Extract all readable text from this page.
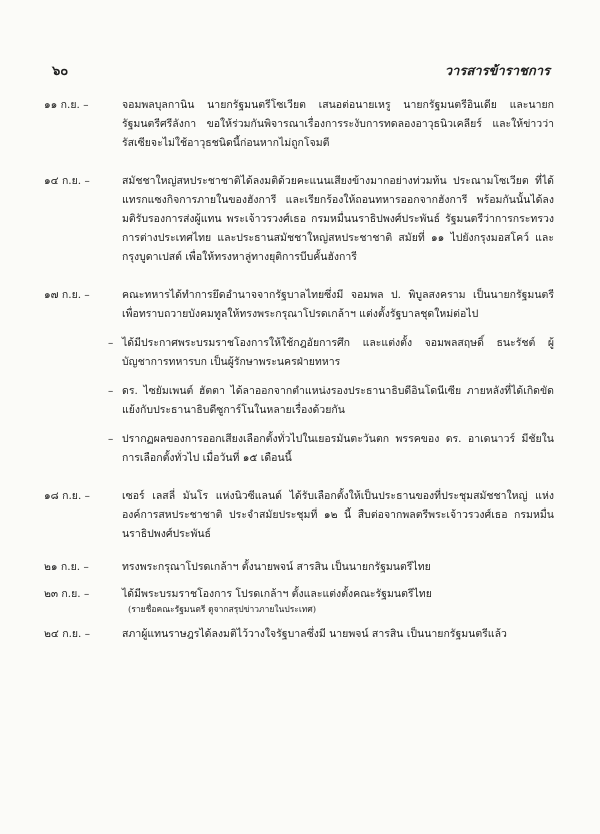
๖๐	วารสารข้าราชการ
๑๑ ก.ย. –	จอมพลบุลกานิน นายกรัฐมนตรีโซเวียต เสนอต่อนายเหรู นายกรัฐมนตรีอินเดีย และนายกรัฐมนตรีศรีลังกา ขอให้ร่วมกันพิจารณาเรื่องการระงับการทดลองอาวุธนิวเคลียร์ และให้ข่าวว่ารัสเซียจะไม่ใช้อาวุธชนิดนี้ก่อนหากไม่ถูกโจมตี
๑๔ ก.ย. –	สมัชชาใหญ่สหประชาชาติได้ลงมติด้วยคะแนนเสียงข้างมากอย่างท่วมท้น ประณามโซเวียต ที่ได้แทรกแซงกิจการภายในของฮังการี และเรียกร้องให้ถอนทหารออกจากฮังการี พร้อมกันนั้นได้ลงมติรับรองการส่งผู้แทน พระเจ้าวรวงศ์เธอ กรมหมื่นนราธิปพงศ์ประพันธ์ รัฐมนตรีว่าการกระทรวงการต่างประเทศไทย และประธานสมัชชาใหญ่สหประชาชาติ สมัยที่ ๑๑ ไปยังกรุงมอสโคว์ และกรุงบูดาเปสต์ เพื่อให้ทรงหาลู่ทางยุติการบีบคั้นฮังการี
๑๗ ก.ย. –	คณะทหารได้ทำการยึดอำนาจจากรัฐบาลไทยซึ่งมี จอมพล ป. พิบูลสงคราม เป็นนายกรัฐมนตรี เพื่อทราบถวายบังคมทูลให้ทรงพระกรุณาโปรดเกล้าฯ แต่งตั้งรัฐบาลชุดใหม่ต่อไป
– ได้มีประกาศพระบรมราชโองการให้ใช้กฎอัยการศึก และแต่งตั้ง จอมพลสฤษดิ์ ธนะรัชต์ ผู้บัญชาการทหารบก เป็นผู้รักษาพระนครฝ่ายทหาร
– ดร. ไซยัมเพนต์ ฮัตตา ได้ลาออกจากตำแหน่งรองประธานาธิบดีอินโดนีเซีย ภายหลังที่ได้เกิดขัดแย้งกับประธานาธิบดีซูการ์โนในหลายเรื่องด้วยกัน
– ปรากฏผลของการออกเสียงเลือกตั้งทั่วไปในเยอรมันตะวันตก พรรคของ ดร. อาเดนาวร์ มีชัยในการเลือกตั้งทั่วไป เมื่อวันที่ ๑๕ เดือนนี้
๑๘ ก.ย. –	เซอร์ เลสลี่ มันโร แห่งนิวซีแลนด์ ได้รับเลือกตั้งให้เป็นประธานของที่ประชุมสมัชชาใหญ่ แห่งองค์การสหประชาชาติ ประจำสมัยประชุมที่ ๑๒ นี้ สืบต่อจากพลตรีพระเจ้าวรวงศ์เธอ กรมหมื่นนราธิปพงศ์ประพันธ์
๒๑ ก.ย. –	ทรงพระกรุณาโปรดเกล้าฯ ตั้งนายพจน์ สารสิน เป็นนายกรัฐมนตรีไทย
๒๓ ก.ย. –	ได้มีพระบรมราชโองการ โปรดเกล้าฯ ตั้งและแต่งตั้งคณะรัฐมนตรีไทย
(รายชื่อคณะรัฐมนตรี ดูจากสรุปข่าวภายในประเทศ)
๒๔ ก.ย. –	สภาผู้แทนราษฎรได้ลงมติไว้วางใจรัฐบาลซึ่งมี นายพจน์ สารสิน เป็นนายกรัฐมนตรีแล้ว
